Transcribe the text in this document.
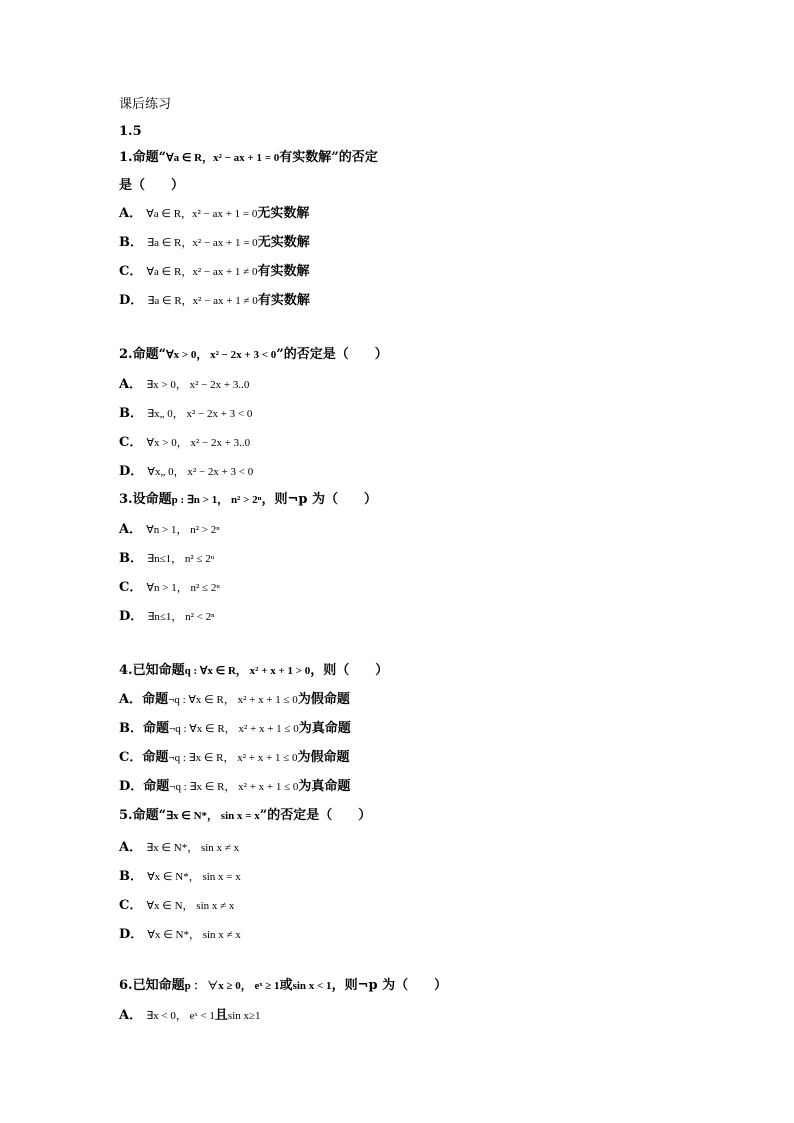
课后练习
1.5
1.命题“∀a ∈ R，x² − ax + 1 = 0有实数解”的否定
是（　　）
A． ∀a ∈ R，x² − ax + 1 = 0无实数解
B． ∃a ∈ R，x² − ax + 1 = 0无实数解
C． ∀a ∈ R，x² − ax + 1 ≠ 0有实数解
D． ∃a ∈ R，x² − ax + 1 ≠ 0有实数解
2.命题“∀x > 0， x² − 2x + 3 < 0”的否定是（　　）
A． ∃x > 0， x² − 2x + 3..0
B． ∃x„ 0， x² − 2x + 3 < 0
C． ∀x > 0， x² − 2x + 3..0
D． ∀x„ 0， x² − 2x + 3 < 0
3.设命题p : ∃n > 1， n² > 2ⁿ，则¬p 为（　　）
A． ∀n > 1， n² > 2ⁿ
B． ∃n≤1， n² ≤ 2ⁿ
C． ∀n > 1， n² ≤ 2ⁿ
D． ∃n≤1， n² < 2ⁿ
4.已知命题q : ∀x ∈ R， x² + x + 1 > 0，则（　　）
A．命题¬q : ∀x ∈ R， x² + x + 1 ≤ 0为假命题
B．命题¬q : ∀x ∈ R， x² + x + 1 ≤ 0为真命题
C．命题¬q : ∃x ∈ R， x² + x + 1 ≤ 0为假命题
D．命题¬q : ∃x ∈ R， x² + x + 1 ≤ 0为真命题
5.命题“∃x ∈ N*， sin x = x”的否定是（　　）
A． ∃x ∈ N*， sin x ≠ x
B． ∀x ∈ N*， sin x = x
C． ∀x ∈ N， sin x ≠ x
D． ∀x ∈ N*， sin x ≠ x
6.已知命题p ： ∀x ≥ 0， eˣ ≥ 1或sin x < 1，则¬p 为（　　）
A． ∃x < 0， eˣ < 1且sin x≥1
